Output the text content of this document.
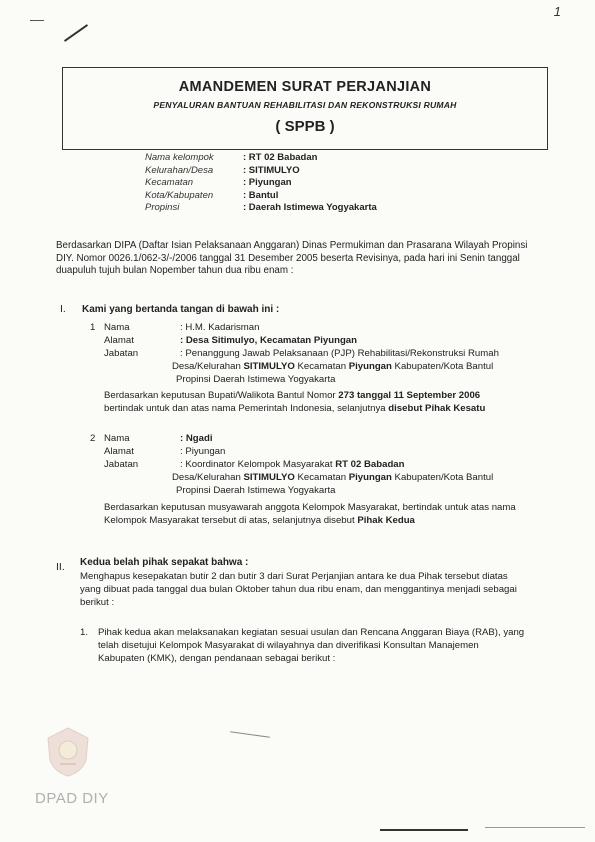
1
AMANDEMEN SURAT PERJANJIAN
PENYALURAN BANTUAN REHABILITASI DAN REKONSTRUKSI RUMAH
( SPPB )
Nama kelompok	: RT 02 Babadan
Kelurahan/Desa	: SITIMULYO
Kecamatan	: Piyungan
Kota/Kabupaten	: Bantul
Propinsi	: Daerah Istimewa Yogyakarta
Berdasarkan DIPA (Daftar Isian Pelaksanaan Anggaran) Dinas Permukiman dan Prasarana Wilayah Propinsi
DIY. Nomor 0026.1/062-3/-/2006 tanggal 31 Desember 2005 beserta Revisinya, pada hari ini Senin tanggal
duapuluh tujuh bulan Nopember tahun dua ribu enam :
I. Kami yang bertanda tangan di bawah ini :
1 Nama	: H.M. Kadarisman
Alamat	: Desa Sitimulyo, Kecamatan Piyungan
Jabatan	: Penanggung Jawab Pelaksanaan (PJP) Rehabilitasi/Rekonstruksi Rumah
Desa/Kelurahan SITIMULYO Kecamatan Piyungan Kabupaten/Kota Bantul
Propinsi Daerah Istimewa Yogyakarta
Berdasarkan keputusan Bupati/Walikota Bantul Nomor 273 tanggal 11 September 2006
bertindak untuk dan atas nama Pemerintah Indonesia, selanjutnya disebut Pihak Kesatu
2 Nama	: Ngadi
Alamat	: Piyungan
Jabatan	: Koordinator Kelompok Masyarakat RT 02 Babadan
Desa/Kelurahan SITIMULYO Kecamatan Piyungan Kabupaten/Kota Bantul
Propinsi Daerah Istimewa Yogyakarta
Berdasarkan keputusan musyawarah anggota Kelompok Masyarakat, bertindak untuk atas nama
Kelompok Masyarakat tersebut di atas, selanjutnya disebut Pihak Kedua
II. Kedua belah pihak sepakat bahwa :
Menghapus kesepakatan butir 2 dan butir 3 dari Surat Perjanjian antara ke dua Pihak tersebut diatas
yang dibuat pada tanggal dua bulan Oktober tahun dua ribu enam, dan menggantinya menjadi sebagai
berikut :
1. Pihak kedua akan melaksanakan kegiatan sesuai usulan dan Rencana Anggaran Biaya (RAB), yang
telah disetujui Kelompok Masyarakat di wilayahnya dan diverifikasi Konsultan Manajemen
Kabupaten (KMK), dengan pendanaan sebagai berikut :
DPAD DIY
